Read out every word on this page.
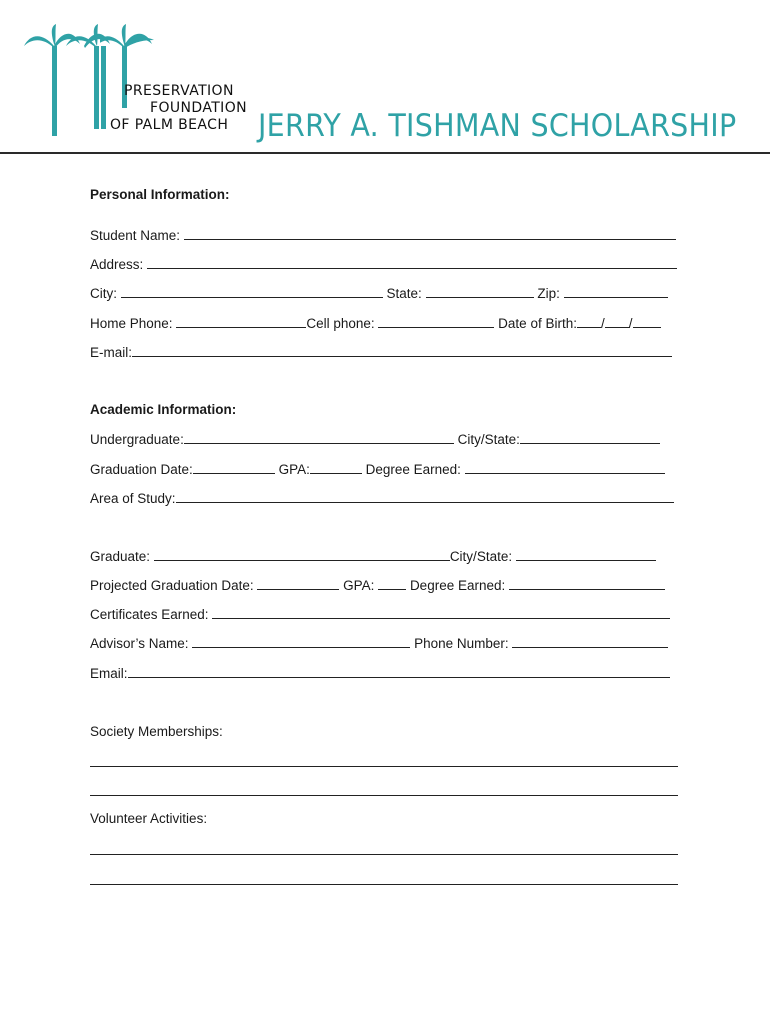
PRESERVATION
FOUNDATION
OF PALM BEACH JERRY A. TISHMAN SCHOLARSHIP
Personal Information:
Student Name:
Address:
City:	State:	Zip:
Home Phone:	Cell phone:	Date of Birth: / /
E-mail:
Academic Information:
Undergraduate:	City/State:
Graduation Date:	GPA:	Degree Earned:
Area of Study:
Graduate:	City/State:
Projected Graduation Date:	GPA:	Degree Earned:
Certificates Earned:
Advisor’s Name:	Phone Number:
Email:
Society Memberships:
Volunteer Activities:
